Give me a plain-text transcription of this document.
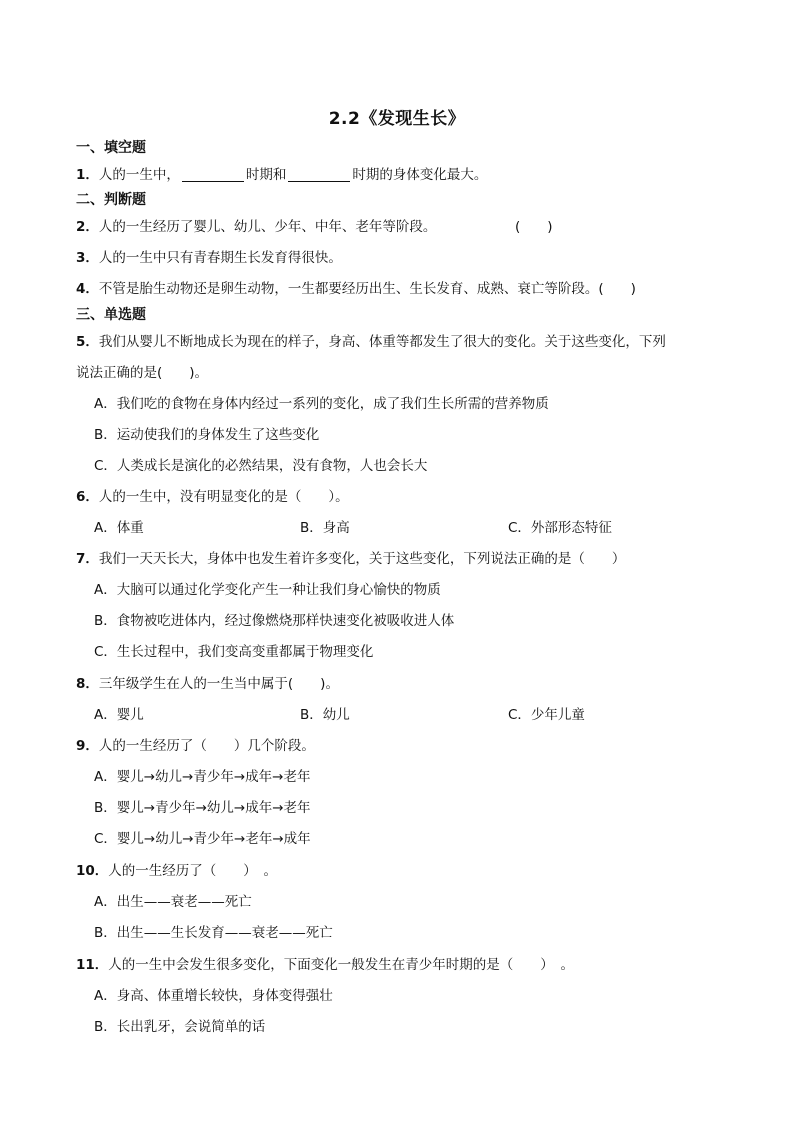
2.2《发现生长》
一、填空题
1．人的一生中，	时期和	时期的身体变化最大。
二、判断题
2．人的一生经历了婴儿、幼儿、少年、中年、老年等阶段。	(　　)
3．人的一生中只有青春期生长发育得很快。
4．不管是胎生动物还是卵生动物，一生都要经历出生、生长发育、成熟、衰亡等阶段。(　　)
三、单选题
5．我们从婴儿不断地成长为现在的样子，身高、体重等都发生了很大的变化。关于这些变化，下列
说法正确的是(　　)。
A．我们吃的食物在身体内经过一系列的变化，成了我们生长所需的营养物质
B．运动使我们的身体发生了这些变化
C．人类成长是演化的必然结果，没有食物，人也会长大
6．人的一生中，没有明显变化的是（　　）。
A．体重	B．身高	C．外部形态特征
7．我们一天天长大，身体中也发生着许多变化，关于这些变化，下列说法正确的是（　　）
A．大脑可以通过化学变化产生一种让我们身心愉快的物质
B．食物被吃进体内，经过像燃烧那样快速变化被吸收进人体
C．生长过程中，我们变高变重都属于物理变化
8．三年级学生在人的一生当中属于(　　)。
A．婴儿	B．幼儿	C．少年儿童
9．人的一生经历了（　　）几个阶段。
A．婴儿→幼儿→青少年→成年→老年
B．婴儿→青少年→幼儿→成年→老年
C．婴儿→幼儿→青少年→老年→成年
10．人的一生经历了（　　）　。
A．出生——衰老——死亡
B．出生——生长发育——衰老——死亡
11．人的一生中会发生很多变化，下面变化一般发生在青少年时期的是（　　）　。
A．身高、体重增长较快，身体变得强壮
B．长出乳牙，会说简单的话
